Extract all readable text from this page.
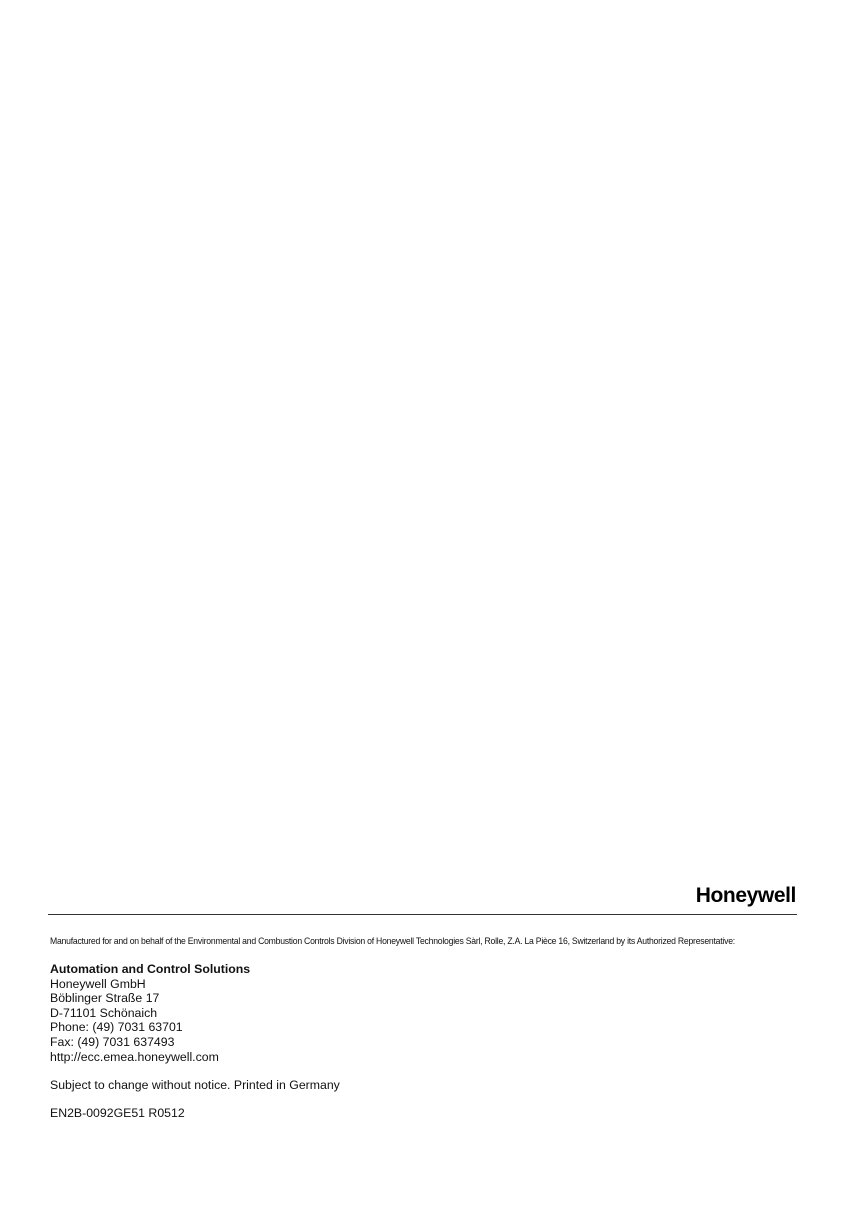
Honeywell
Manufactured for and on behalf of the Environmental and Combustion Controls Division of Honeywell Technologies Sàrl, Rolle, Z.A. La Pièce 16, Switzerland by its Authorized Representative:
Automation and Control Solutions
Honeywell GmbH
Böblinger Straße 17
D-71101 Schönaich
Phone: (49) 7031 63701
Fax: (49) 7031 637493
http://ecc.emea.honeywell.com
Subject to change without notice. Printed in Germany
EN2B-0092GE51 R0512
